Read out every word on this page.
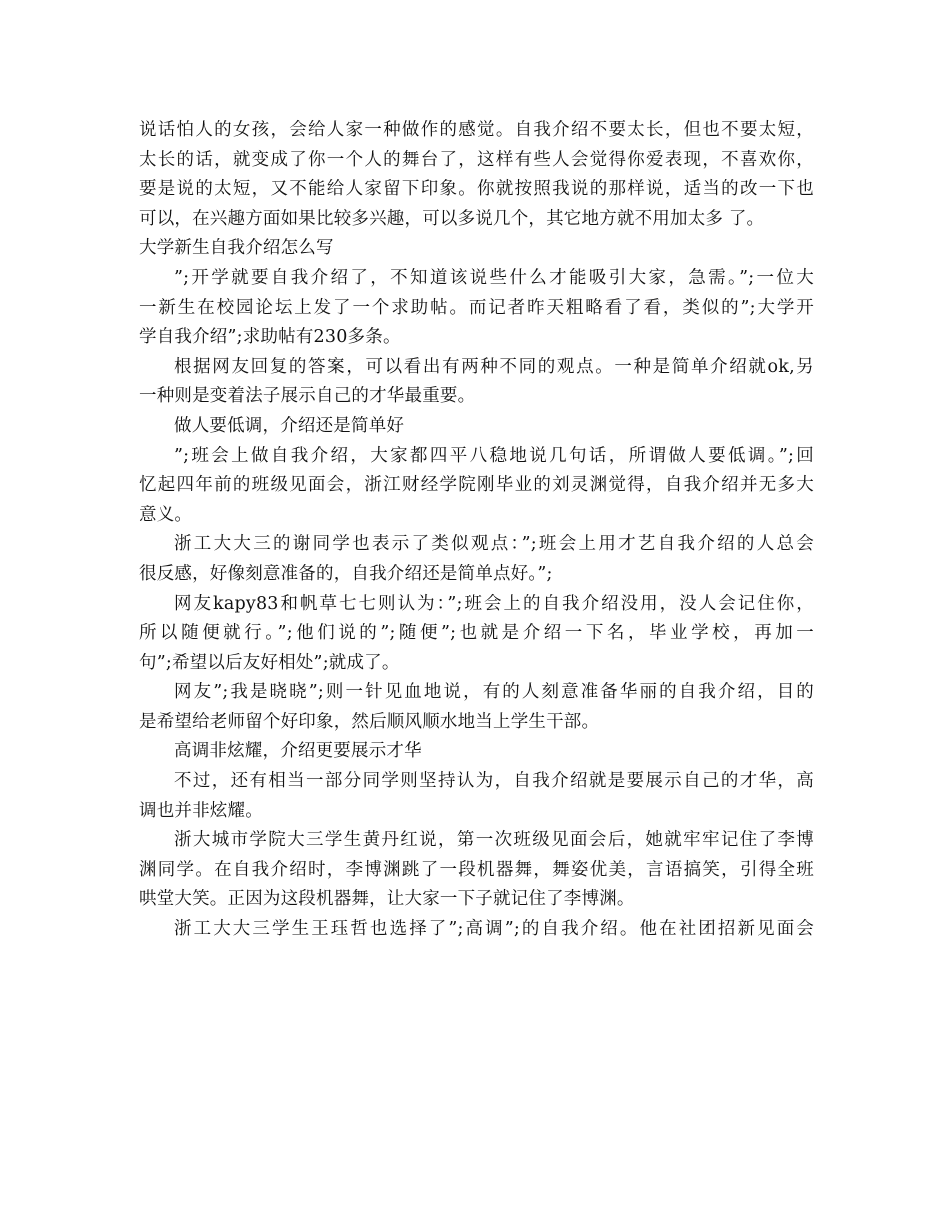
说话怕人的女孩，会给人家一种做作的感觉。自我介绍不要太长，但也不要太短，
太长的话，就变成了你一个人的舞台了，这样有些人会觉得你爱表现，不喜欢你，
要是说的太短，又不能给人家留下印象。你就按照我说的那样说，适当的改一下也
可以，在兴趣方面如果比较多兴趣，可以多说几个，其它地方就不用加太多 了。
大学新生自我介绍怎么写
”;开学就要自我介绍了，不知道该说些什么才能吸引大家，急需。”;一位大
一新生在校园论坛上发了一个求助帖。而记者昨天粗略看了看，类似的”;大学开
学自我介绍”;求助帖有230多条。
根据网友回复的答案，可以看出有两种不同的观点。一种是简单介绍就ok,另
一种则是变着法子展示自己的才华最重要。
做人要低调，介绍还是简单好
”;班会上做自我介绍，大家都四平八稳地说几句话，所谓做人要低调。”;回
忆起四年前的班级见面会，浙江财经学院刚毕业的刘灵渊觉得，自我介绍并无多大
意义。
浙工大大三的谢同学也表示了类似观点：”;班会上用才艺自我介绍的人总会
很反感，好像刻意准备的，自我介绍还是简单点好。”;
网友kapy83和帆草七七则认为：”;班会上的自我介绍没用，没人会记住你，
所以随便就行。”;他们说的”;随便”;也就是介绍一下名，毕业学校，再加一
句”;希望以后友好相处”;就成了。
网友”;我是晓晓”;则一针见血地说，有的人刻意准备华丽的自我介绍，目的
是希望给老师留个好印象，然后顺风顺水地当上学生干部。
高调非炫耀，介绍更要展示才华
不过，还有相当一部分同学则坚持认为，自我介绍就是要展示自己的才华，高
调也并非炫耀。
浙大城市学院大三学生黄丹红说，第一次班级见面会后，她就牢牢记住了李博
渊同学。在自我介绍时，李博渊跳了一段机器舞，舞姿优美，言语搞笑，引得全班
哄堂大笑。正因为这段机器舞，让大家一下子就记住了李博渊。
浙工大大三学生王珏哲也选择了”;高调”;的自我介绍。他在社团招新见面会
